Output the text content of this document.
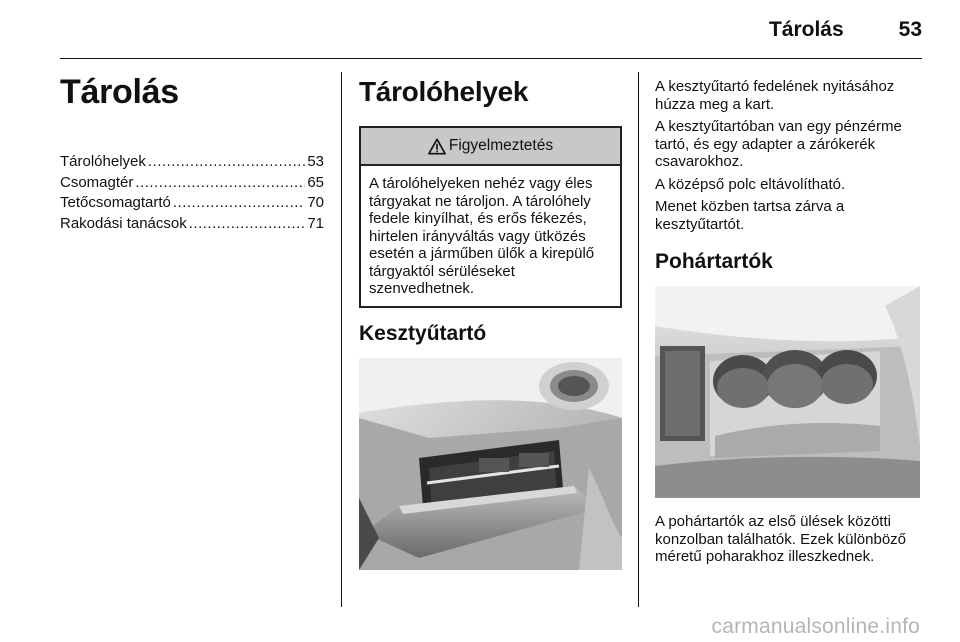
Tárolás	53
Tárolás
Tárolóhelyek .....	53
Csomagtér .....	65
Tetőcsomagtartó .....	70
Rakodási tanácsok .....	71
Tárolóhelyek
Figyelmeztetés

A tárolóhelyeken nehéz vagy éles tárgyakat ne tároljon. A tárolóhely fedele kinyílhat, és erős fékezés, hirtelen irányváltás vagy ütközés esetén a járműben ülők a kirepülő tárgyaktól sérüléseket szenvedhetnek.

Kesztyűtartó

A kesztyűtartó fedelének nyitásához húzza meg a kart.

A kesztyűtartóban van egy pénzérme tartó, és egy adapter a zárókerék csavarokhoz.

A középső polc eltávolítható.

Menet közben tartsa zárva a kesztyűtartót.

Pohártartók

A pohártartók az első ülések közötti konzolban találhatók. Ezek különböző méretű poharakhoz illeszkednek.

carmanualsonline.info
